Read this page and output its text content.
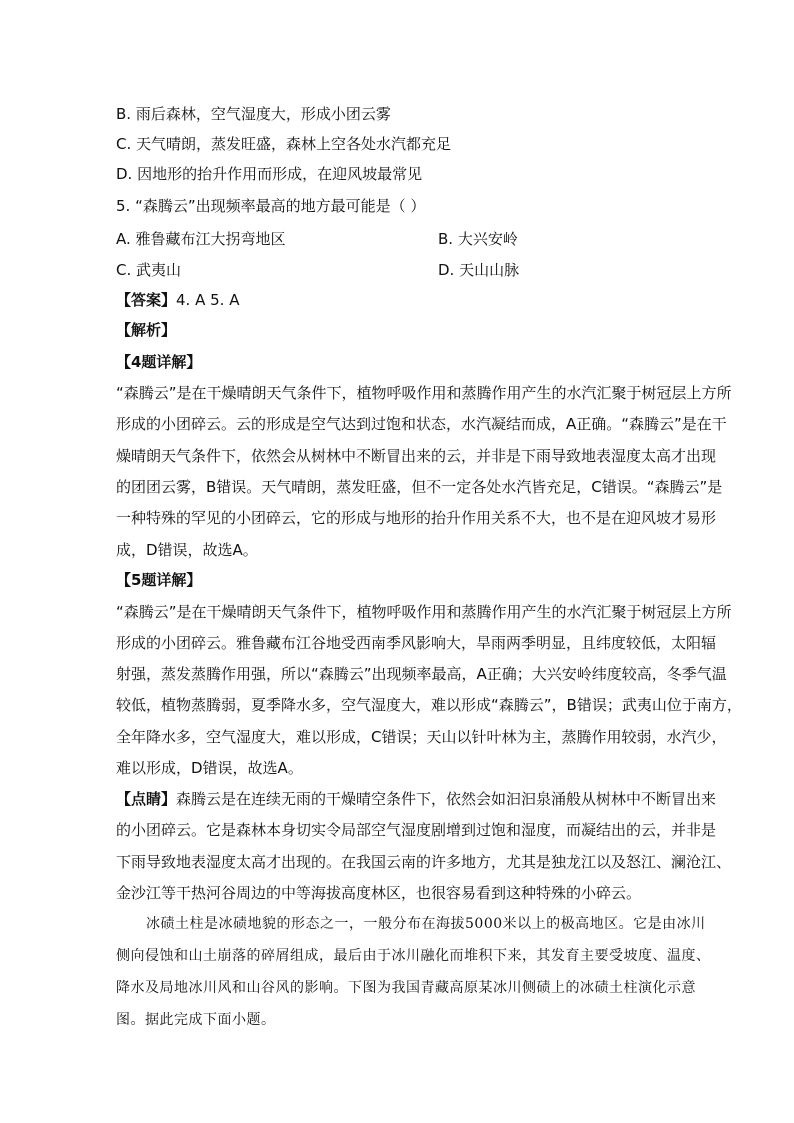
B. 雨后森林，空气湿度大，形成小团云雾
C. 天气晴朗，蒸发旺盛，森林上空各处水汽都充足
D. 因地形的抬升作用而形成，在迎风坡最常见
5. “森腾云”出现频率最高的地方最可能是（ ）
A. 雅鲁藏布江大拐弯地区	B. 大兴安岭
C. 武夷山	D. 天山山脉
【答案】4. A 5. A
【解析】
【4题详解】
“森腾云”是在干燥晴朗天气条件下，植物呼吸作用和蒸腾作用产生的水汽汇聚于树冠层上方所
形成的小团碎云。云的形成是空气达到过饱和状态，水汽凝结而成，A正确。“森腾云”是在干
燥晴朗天气条件下，依然会从树林中不断冒出来的云，并非是下雨导致地表湿度太高才出现
的团团云雾，B错误。天气晴朗，蒸发旺盛，但不一定各处水汽皆充足，C错误。“森腾云”是
一种特殊的罕见的小团碎云，它的形成与地形的抬升作用关系不大，也不是在迎风坡才易形
成，D错误，故选A。
【5题详解】
“森腾云”是在干燥晴朗天气条件下，植物呼吸作用和蒸腾作用产生的水汽汇聚于树冠层上方所
形成的小团碎云。雅鲁藏布江谷地受西南季风影响大，旱雨两季明显，且纬度较低，太阳辐
射强，蒸发蒸腾作用强，所以“森腾云”出现频率最高，A正确；大兴安岭纬度较高，冬季气温
较低，植物蒸腾弱，夏季降水多，空气湿度大，难以形成“森腾云”，B错误；武夷山位于南方，
全年降水多，空气湿度大，难以形成，C错误；天山以针叶林为主，蒸腾作用较弱，水汽少，
难以形成，D错误，故选A。
【点睛】森腾云是在连续无雨的干燥晴空条件下，依然会如汩汩泉涌般从树林中不断冒出来
的小团碎云。它是森林本身切实令局部空气湿度剧增到过饱和湿度，而凝结出的云，并非是
下雨导致地表湿度太高才出现的。在我国云南的许多地方，尤其是独龙江以及怒江、澜沧江、
金沙江等干热河谷周边的中等海拔高度林区，也很容易看到这种特殊的小碎云。
冰碛土柱是冰碛地貌的形态之一，一般分布在海拔5000米以上的极高地区。它是由冰川
侧向侵蚀和山土崩落的碎屑组成，最后由于冰川融化而堆积下来，其发育主要受坡度、温度、
降水及局地冰川风和山谷风的影响。下图为我国青藏高原某冰川侧碛上的冰碛土柱演化示意
图。据此完成下面小题。
